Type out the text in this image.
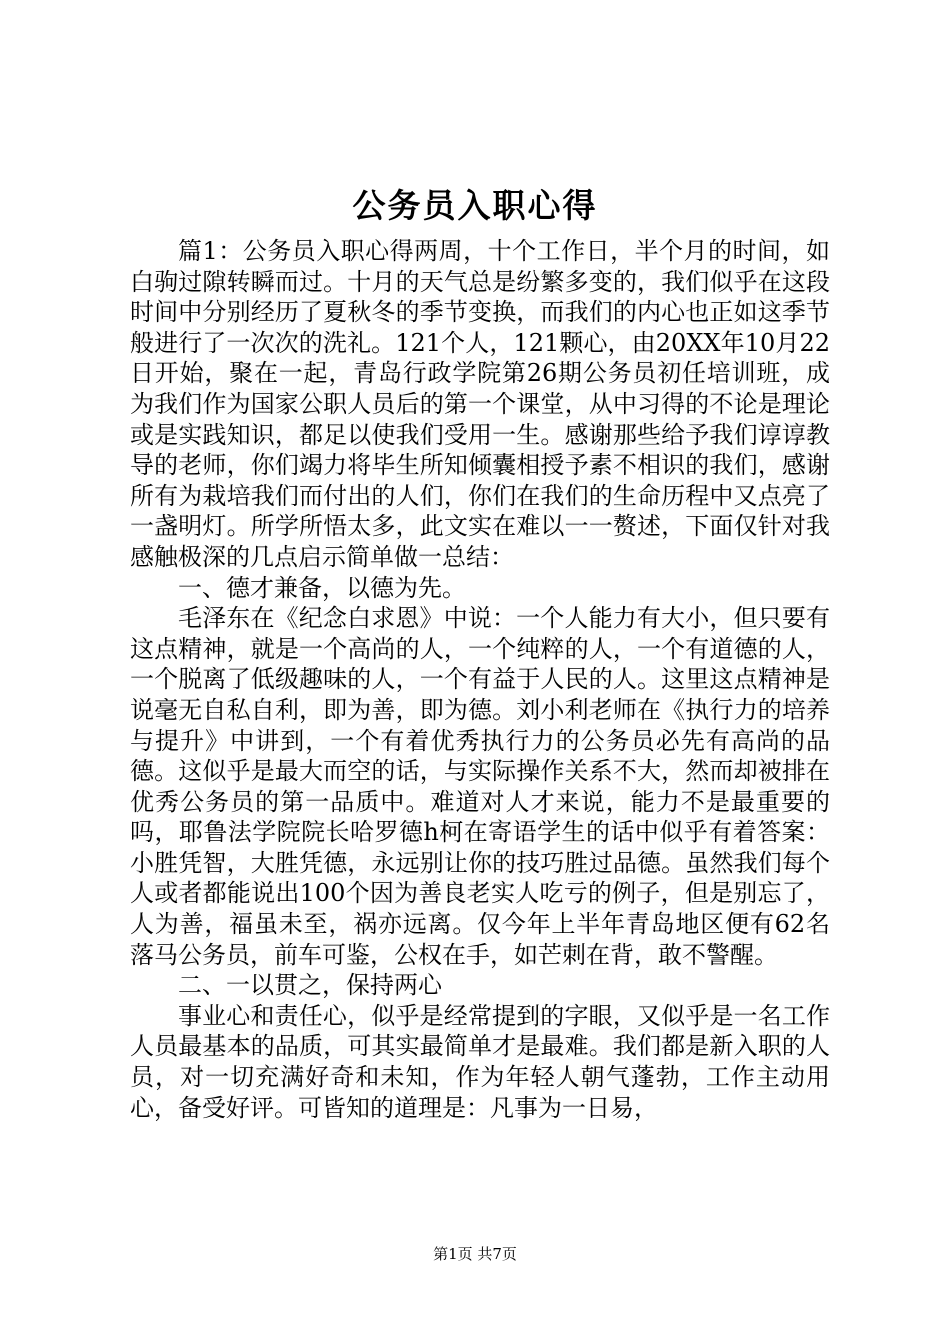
公务员入职心得

篇1：公务员入职心得两周，十个工作日，半个月的时间，如白驹过隙转瞬而过。十月的天气总是纷繁多变的，我们似乎在这段时间中分别经历了夏秋冬的季节变换，而我们的内心也正如这季节般进行了一次次的洗礼。121个人，121颗心，由20XX年10月22日开始，聚在一起，青岛行政学院第26期公务员初任培训班，成为我们作为国家公职人员后的第一个课堂，从中习得的不论是理论或是实践知识，都足以使我们受用一生。感谢那些给予我们谆谆教导的老师，你们竭力将毕生所知倾囊相授予素不相识的我们，感谢所有为栽培我们而付出的人们，你们在我们的生命历程中又点亮了一盏明灯。所学所悟太多，此文实在难以一一赘述，下面仅针对我感触极深的几点启示简单做一总结：

一、德才兼备，以德为先。

毛泽东在《纪念白求恩》中说：一个人能力有大小，但只要有这点精神，就是一个高尚的人，一个纯粹的人，一个有道德的人，一个脱离了低级趣味的人，一个有益于人民的人。这里这点精神是说毫无自私自利，即为善，即为德。刘小利老师在《执行力的培养与提升》中讲到，一个有着优秀执行力的公务员必先有高尚的品德。这似乎是最大而空的话，与实际操作关系不大，然而却被排在优秀公务员的第一品质中。难道对人才来说，能力不是最重要的吗，耶鲁法学院院长哈罗德h柯在寄语学生的话中似乎有着答案：小胜凭智，大胜凭德，永远别让你的技巧胜过品德。虽然我们每个人或者都能说出100个因为善良老实人吃亏的例子，但是别忘了，人为善，福虽未至，祸亦远离。仅今年上半年青岛地区便有62名落马公务员，前车可鉴，公权在手，如芒刺在背，敢不警醒。

二、一以贯之，保持两心

事业心和责任心，似乎是经常提到的字眼，又似乎是一名工作人员最基本的品质，可其实最简单才是最难。我们都是新入职的人员，对一切充满好奇和未知，作为年轻人朝气蓬勃，工作主动用心，备受好评。可皆知的道理是：凡事为一日易，

第1页 共7页
